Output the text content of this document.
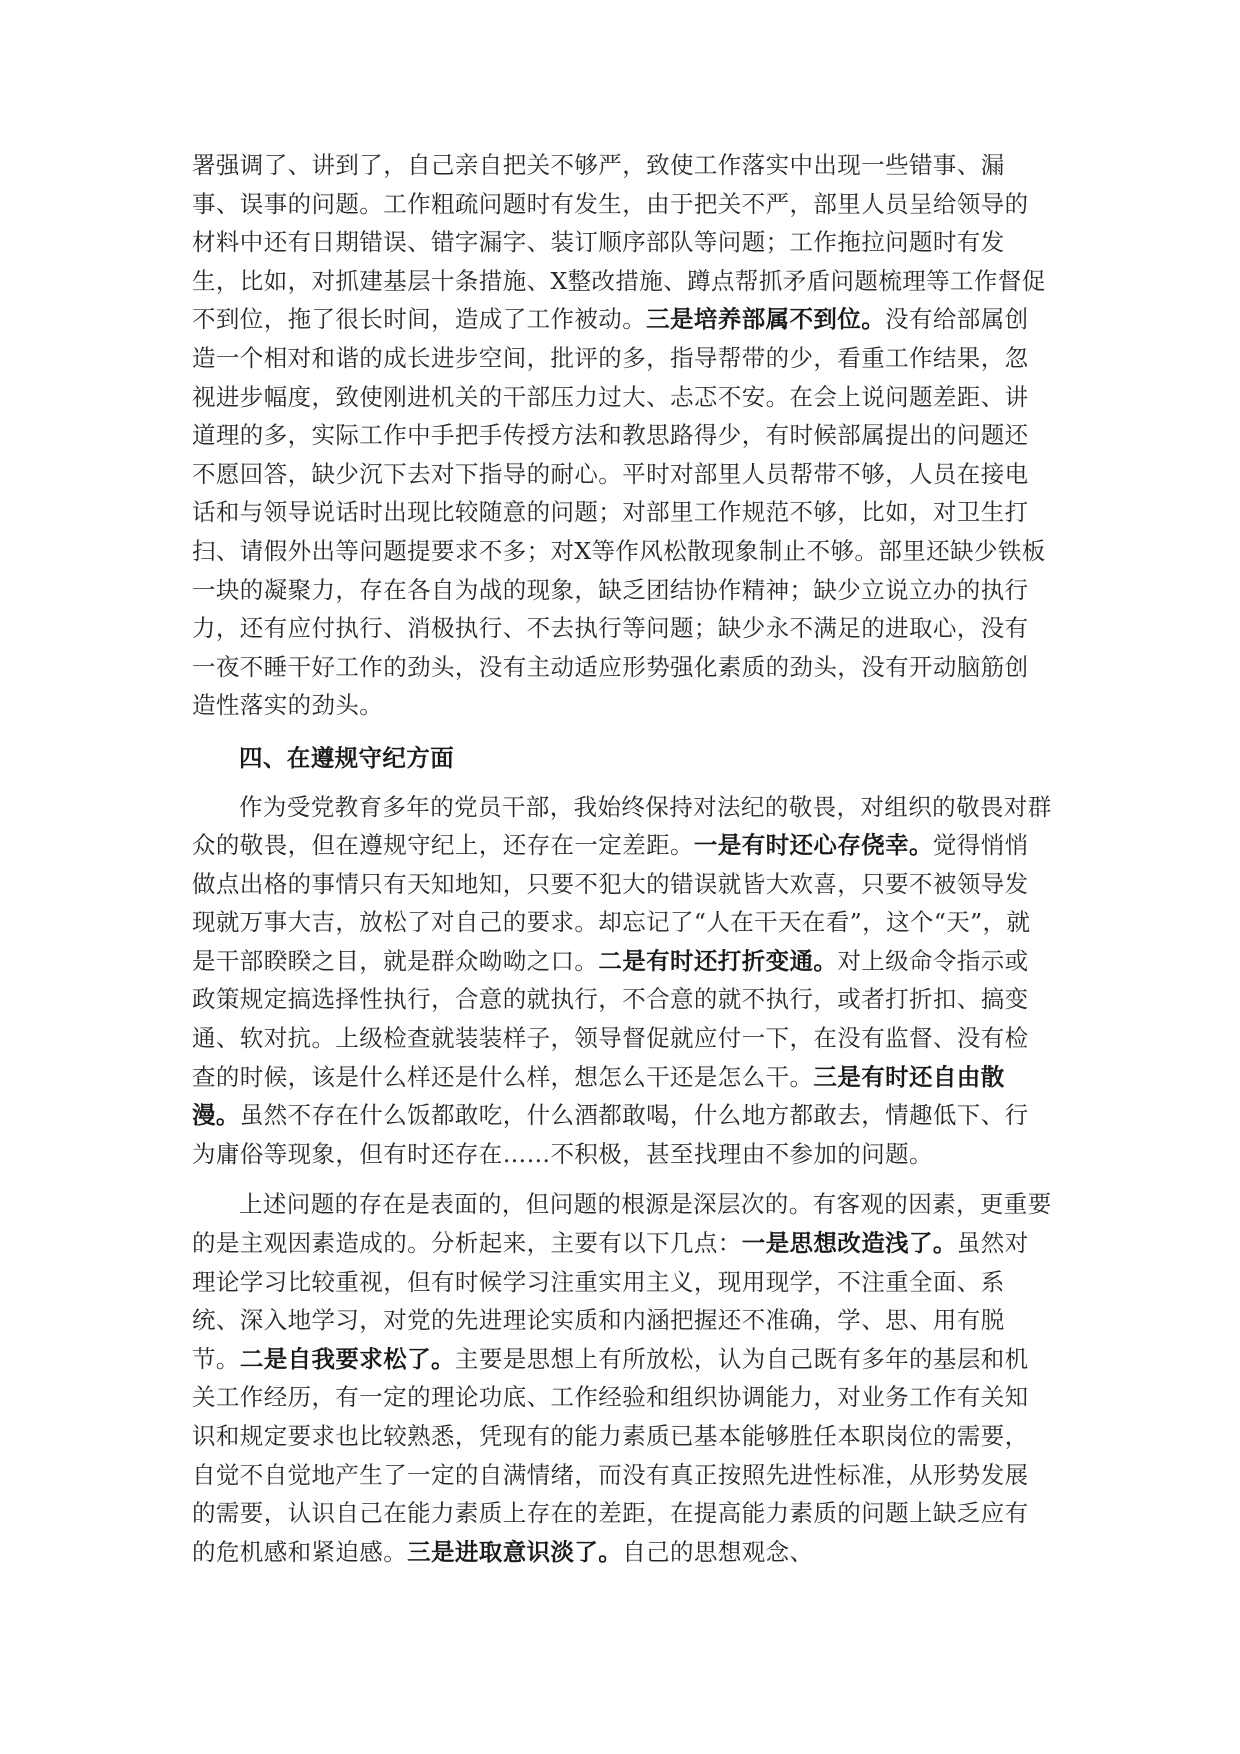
署强调了、讲到了，自己亲自把关不够严，致使工作落实中出现一些错事、漏事、误事的问题。工作粗疏问题时有发生，由于把关不严，部里人员呈给领导的材料中还有日期错误、错字漏字、装订顺序部队等问题；工作拖拉问题时有发生，比如，对抓建基层十条措施、X整改措施、蹲点帮抓矛盾问题梳理等工作督促不到位，拖了很长时间，造成了工作被动。三是培养部属不到位。没有给部属创造一个相对和谐的成长进步空间，批评的多，指导帮带的少，看重工作结果，忽视进步幅度，致使刚进机关的干部压力过大、忐忑不安。在会上说问题差距、讲道理的多，实际工作中手把手传授方法和教思路得少，有时候部属提出的问题还不愿回答，缺少沉下去对下指导的耐心。平时对部里人员帮带不够，人员在接电话和与领导说话时出现比较随意的问题；对部里工作规范不够，比如，对卫生打扫、请假外出等问题提要求不多；对X等作风松散现象制止不够。部里还缺少铁板一块的凝聚力，存在各自为战的现象，缺乏团结协作精神；缺少立说立办的执行力，还有应付执行、消极执行、不去执行等问题；缺少永不满足的进取心，没有一夜不睡干好工作的劲头，没有主动适应形势强化素质的劲头，没有开动脑筋创造性落实的劲头。

四、在遵规守纪方面

作为受党教育多年的党员干部，我始终保持对法纪的敬畏，对组织的敬畏对群众的敬畏，但在遵规守纪上，还存在一定差距。一是有时还心存侥幸。觉得悄悄做点出格的事情只有天知地知，只要不犯大的错误就皆大欢喜，只要不被领导发现就万事大吉，放松了对自己的要求。却忘记了“人在干天在看”，这个“天”，就是干部睽睽之目，就是群众呦呦之口。二是有时还打折变通。对上级命令指示或政策规定搞选择性执行，合意的就执行，不合意的就不执行，或者打折扣、搞变通、软对抗。上级检查就装装样子，领导督促就应付一下，在没有监督、没有检查的时候，该是什么样还是什么样，想怎么干还是怎么干。三是有时还自由散漫。虽然不存在什么饭都敢吃，什么酒都敢喝，什么地方都敢去，情趣低下、行为庸俗等现象，但有时还存在……不积极，甚至找理由不参加的问题。

上述问题的存在是表面的，但问题的根源是深层次的。有客观的因素，更重要的是主观因素造成的。分析起来，主要有以下几点：一是思想改造浅了。虽然对理论学习比较重视，但有时候学习注重实用主义，现用现学，不注重全面、系统、深入地学习，对党的先进理论实质和内涵把握还不准确，学、思、用有脱节。二是自我要求松了。主要是思想上有所放松，认为自己既有多年的基层和机关工作经历，有一定的理论功底、工作经验和组织协调能力，对业务工作有关知识和规定要求也比较熟悉，凭现有的能力素质已基本能够胜任本职岗位的需要，自觉不自觉地产生了一定的自满情绪，而没有真正按照先进性标准，从形势发展的需要，认识自己在能力素质上存在的差距，在提高能力素质的问题上缺乏应有的危机感和紧迫感。三是进取意识淡了。自己的思想观念、
